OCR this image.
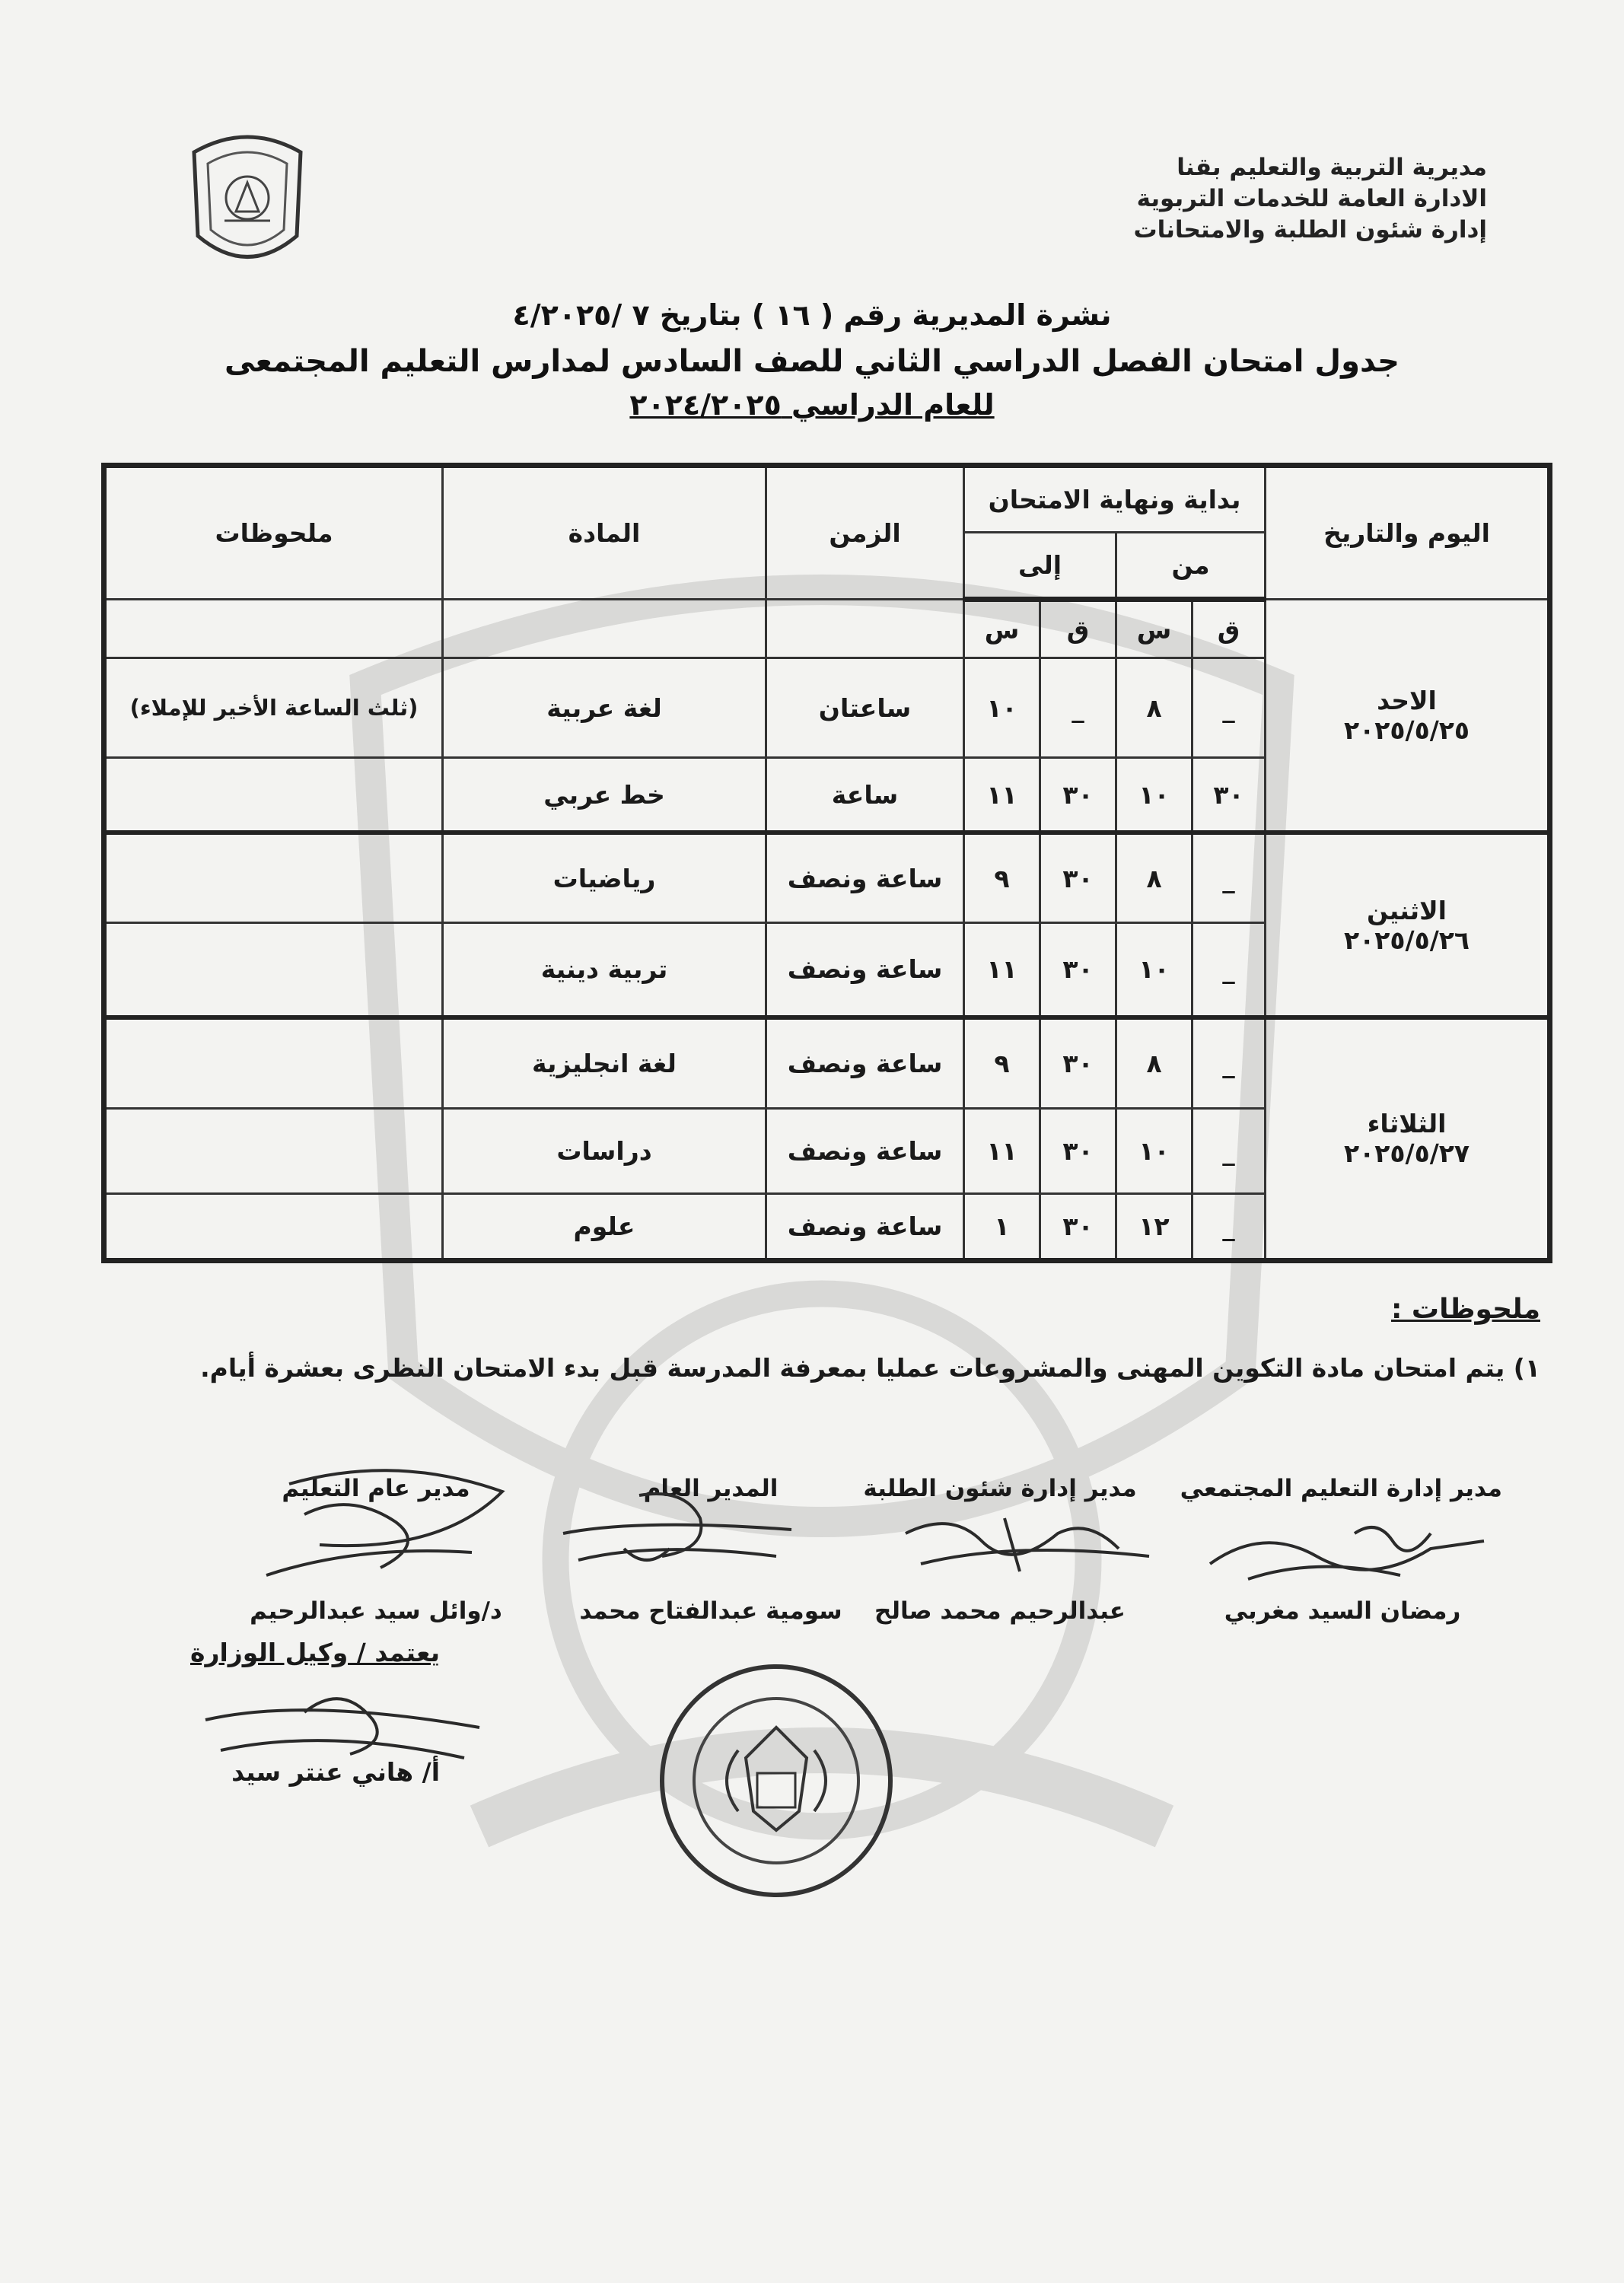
مديرية التربية والتعليم بقنا
الادارة العامة للخدمات التربوية
إدارة شئون الطلبة والامتحانات
نشرة المديرية رقم ( ١٦ ) بتاريخ ٧ /٤/٢٠٢٥
جدول امتحان الفصل الدراسي الثاني للصف السادس لمدارس التعليم المجتمعى
للعام الدراسي ٢٠٢٤/٢٠٢٥
اليوم والتاريخ	بداية ونهاية الامتحان				الزمن	المادة	ملحوظات
	من		إلى				

الاحد
٢٠٢٥/٥/٢٥	ق	س	ق	س			
	_	٨	_	١٠	ساعتان	لغة عربية	(ثلث الساعة الأخير للإملاء)
	٣٠	١٠	٣٠	١١	ساعة	خط عربي	

الاثنين
٢٠٢٥/٥/٢٦	_	٨	٣٠	٩	ساعة ونصف	رياضيات	
	_	١٠	٣٠	١١	ساعة ونصف	تربية دينية	

الثلاثاء
٢٠٢٥/٥/٢٧	_	٨	٣٠	٩	ساعة ونصف	لغة انجليزية	
	_	١٠	٣٠	١١	ساعة ونصف	دراسات	
	_	١٢	٣٠	١	ساعة ونصف	علوم	
ملحوظات :
١) يتم امتحان مادة التكوين المهنى والمشروعات عمليا بمعرفة المدرسة قبل بدء الامتحان النظرى بعشرة أيام.
مدير إدارة التعليم المجتمعي
رمضان السيد مغربي
مدير إدارة شئون الطلبة
عبدالرحيم محمد صالح
المدير العام
سومية عبدالفتاح محمد
مدير عام التعليم
د/وائل سيد عبدالرحيم
يعتمد / وكيل الوزارة
أ/ هاني عنتر سيد
